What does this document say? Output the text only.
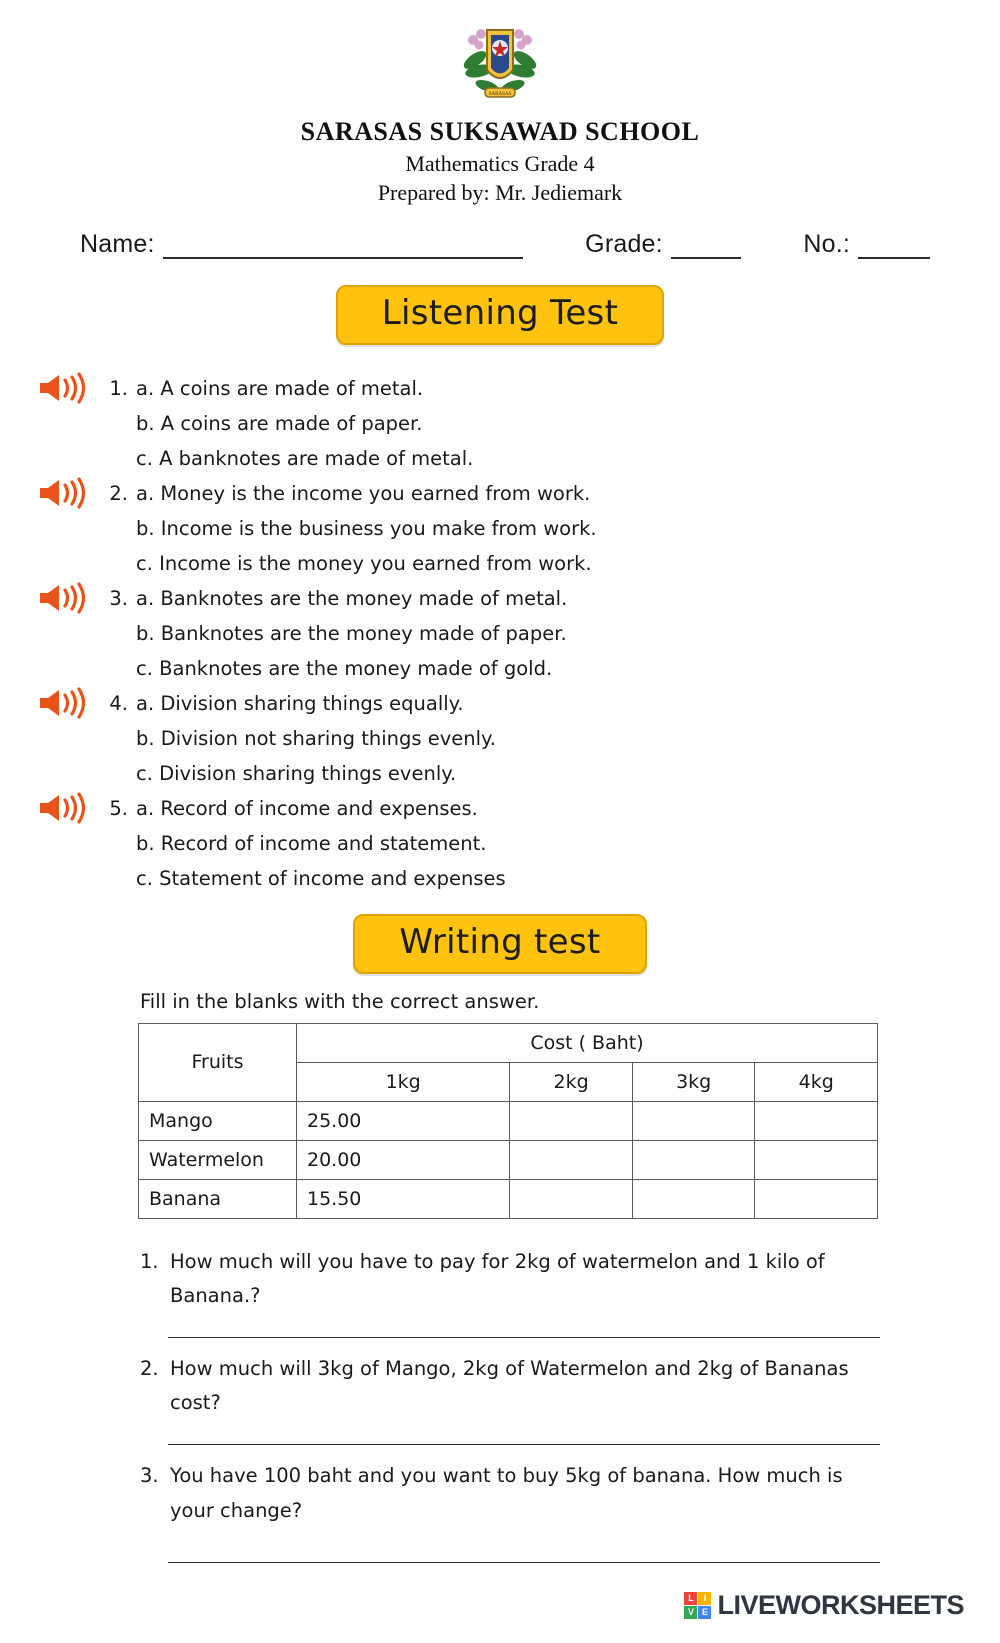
SARASAS
SARASAS SUKSAWAD SCHOOL
Mathematics Grade 4
Prepared by: Mr. Jediemark
Name:	Grade:	No.:
Listening Test
1. a. A coins are made of metal.
b. A coins are made of paper.
c. A banknotes are made of metal.
2. a. Money is the income you earned from work.
b. Income is the business you make from work.
c. Income is the money you earned from work.
3. a. Banknotes are the money made of metal.
b. Banknotes are the money made of paper.
c. Banknotes are the money made of gold.
4. a. Division sharing things equally.
b. Division not sharing things evenly.
c. Division sharing things evenly.
5. a. Record of income and expenses.
b. Record of income and statement.
c. Statement of income and expenses
Writing test
Fill in the blanks with the correct answer.
Fruits	Cost ( Baht)			
	1kg	2kg	3kg	4kg
Mango	25.00			
Watermelon	20.00			
Banana	15.50			
1. How much will you have to pay for 2kg of watermelon and 1 kilo of Banana.?
2. How much will 3kg of Mango, 2kg of Watermelon and 2kg of Bananas cost?
3. You have 100 baht and you want to buy 5kg of banana. How much is your change?
L	I
V E LIVEWORKSHEETS
